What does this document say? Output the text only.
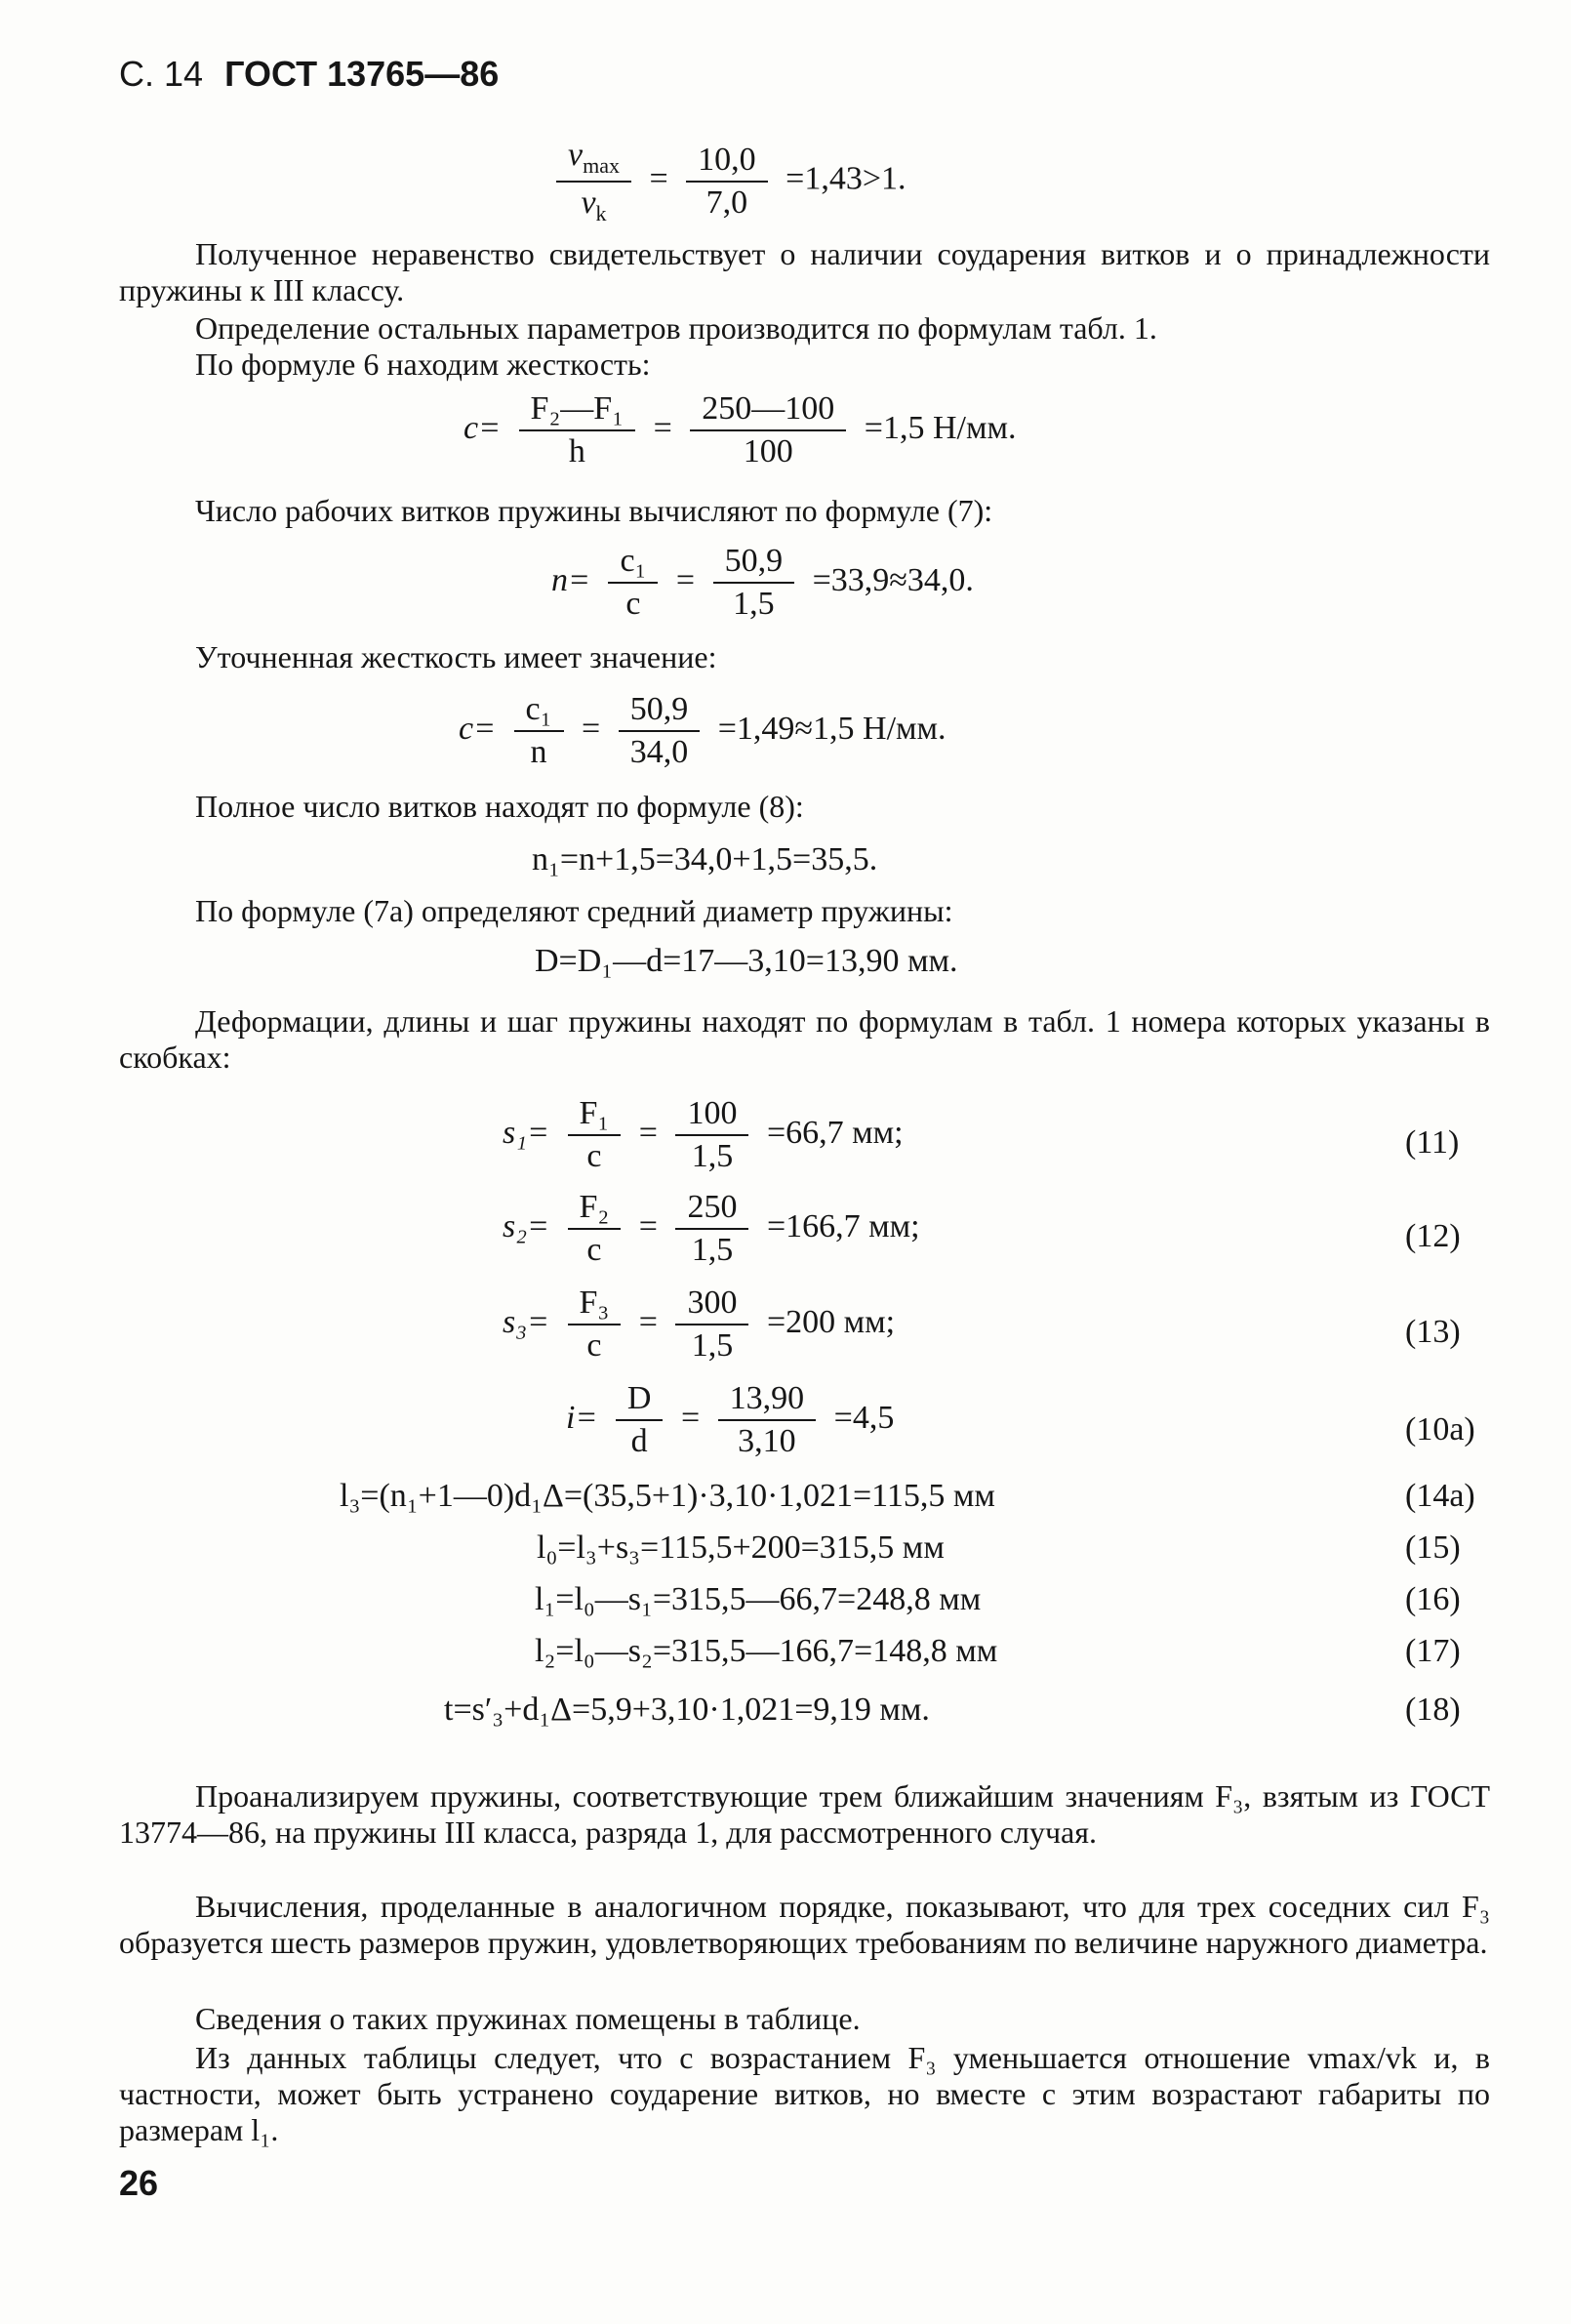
С. 14 ГОСТ 13765—86
$\frac{v_{max}}{v_k} = \frac{10,0}{7,0} =1,43>1$.

Полученное неравенство свидетельствует о наличии соударения витков и о принадлежности пружины к III классу.

Определение остальных параметров производится по формулам табл. 1.

По формуле 6 находим жесткость:

$c= \frac{\text{F₂—F₁}}{h} = \frac{250—100}{100} =1,5$ Н/мм.

Число рабочих витков пружины вычисляют по формуле (7):

$n= \frac{\text{c₁}}{c} = \frac{50,9}{1,5} =33,9\approx 34,0$.

Уточненная жесткость имеет значение:

$c= \frac{\text{c₁}}{n} = \frac{50,9}{34,0} =1,49\approx 1,5$ Н/мм.

Полное число витков находят по формуле (8):

n₁=n+1,5=34,0+1,5=35,5.

По формуле (7а) определяют средний диаметр пружины:

D=D₁—d=17—3,10=13,90 мм.

Деформации, длины и шаг пружины находят по формулам в табл. 1 номера которых указаны в скобках:

$s_1= \frac{\text{F₁}}{c} = \frac{100}{1,5} =66,7$ мм;	(11)
$s_2= \frac{\text{F₂}}{c} = \frac{250}{1,5} =166,7$ мм;	(12)
$s_3= \frac{\text{F₃}}{c} = \frac{300}{1,5} =200$ мм;	(13)
$i= \frac{D}{d} = \frac{13,90}{3,10} =4,5$	(10а)
l₃=(n₁+1—0)d₁Δ=(35,5+1)·3,10·1,021=115,5 мм	(14а)
l₀=l₃+s₃=115,5+200=315,5 мм	(15)
l₁=l₀—s₁=315,5—66,7=248,8 мм	(16)
l₂=l₀—s₂=315,5—166,7=148,8 мм	(17)
t=s′₃+d₁Δ=5,9+3,10·1,021=9,19 мм.	(18)

Проанализируем пружины, соответствующие трем ближайшим значениям F₃, взятым из ГОСТ 13774—86, на пружины III класса, разряда 1, для рассмотренного случая.

Вычисления, проделанные в аналогичном порядке, показывают, что для трех соседних сил F₃ образуется шесть размеров пружин, удовлетворяющих требованиям по величине наружного диаметра.

Сведения о таких пружинах помещены в таблице.

Из данных таблицы следует, что с возрастанием F₃ уменьшается отношение vmax/vk и, в частности, может быть устранено соударение витков, но вместе с этим возрастают габариты по размерам l₁.

26
